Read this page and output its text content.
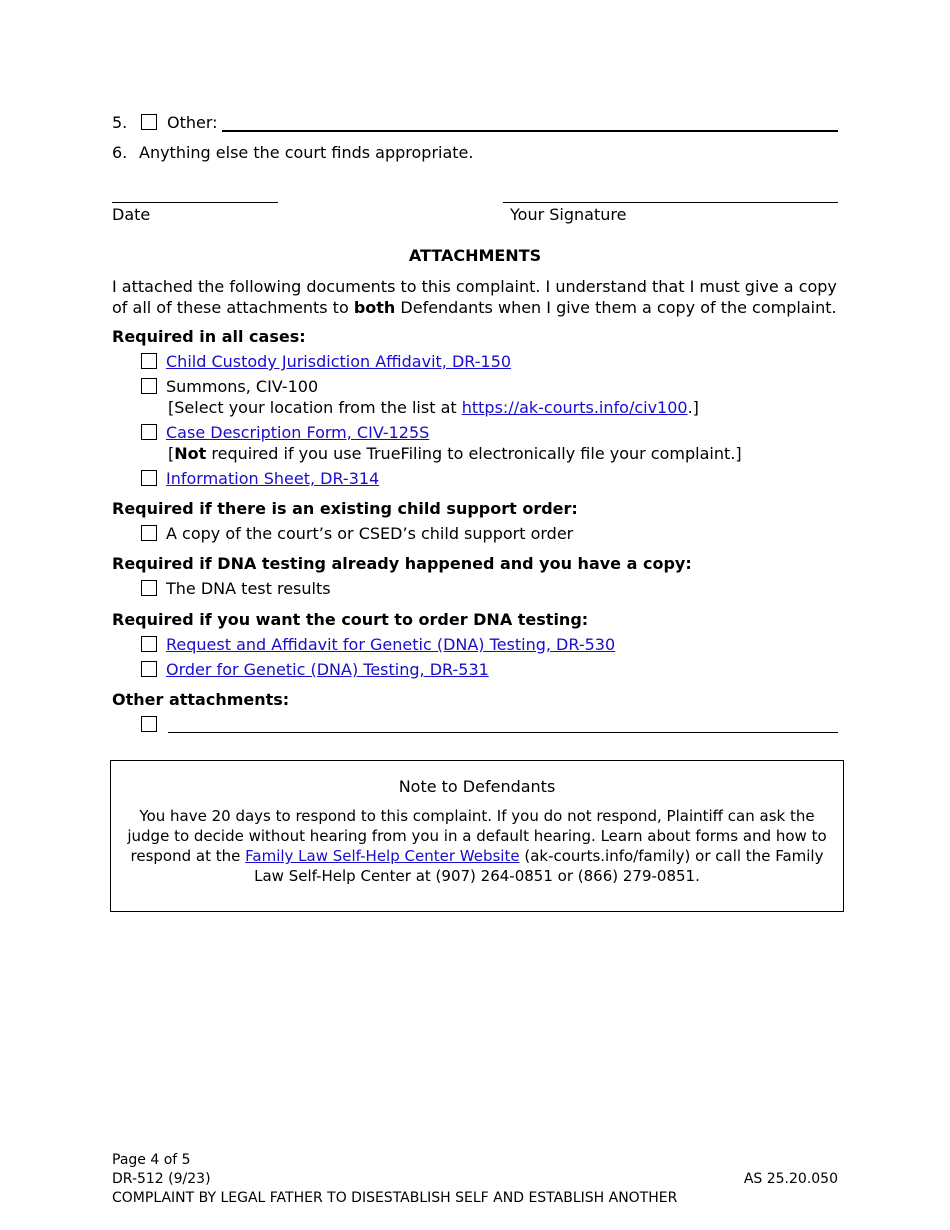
5. Other:
6. Anything else the court finds appropriate.
Date	Your Signature
ATTACHMENTS
I attached the following documents to this complaint. I understand that I must give a copy of all of these attachments to both Defendants when I give them a copy of the complaint.
Required in all cases:
Child Custody Jurisdiction Affidavit, DR-150
Summons, CIV-100
[Select your location from the list at https://ak-courts.info/civ100.]
Case Description Form, CIV-125S
[Not required if you use TrueFiling to electronically file your complaint.]
Information Sheet, DR-314
Required if there is an existing child support order:
A copy of the court’s or CSED’s child support order
Required if DNA testing already happened and you have a copy:
The DNA test results
Required if you want the court to order DNA testing:
Request and Affidavit for Genetic (DNA) Testing, DR-530
Order for Genetic (DNA) Testing, DR-531
Other attachments:
Note to Defendants
You have 20 days to respond to this complaint. If you do not respond, Plaintiff can ask the judge to decide without hearing from you in a default hearing. Learn about forms and how to respond at the Family Law Self-Help Center Website (ak-courts.info/family) or call the Family Law Self-Help Center at (907) 264-0851 or (866) 279-0851.
Page 4 of 5
DR-512 (9/23)	AS 25.20.050
COMPLAINT BY LEGAL FATHER TO DISESTABLISH SELF AND ESTABLISH ANOTHER
